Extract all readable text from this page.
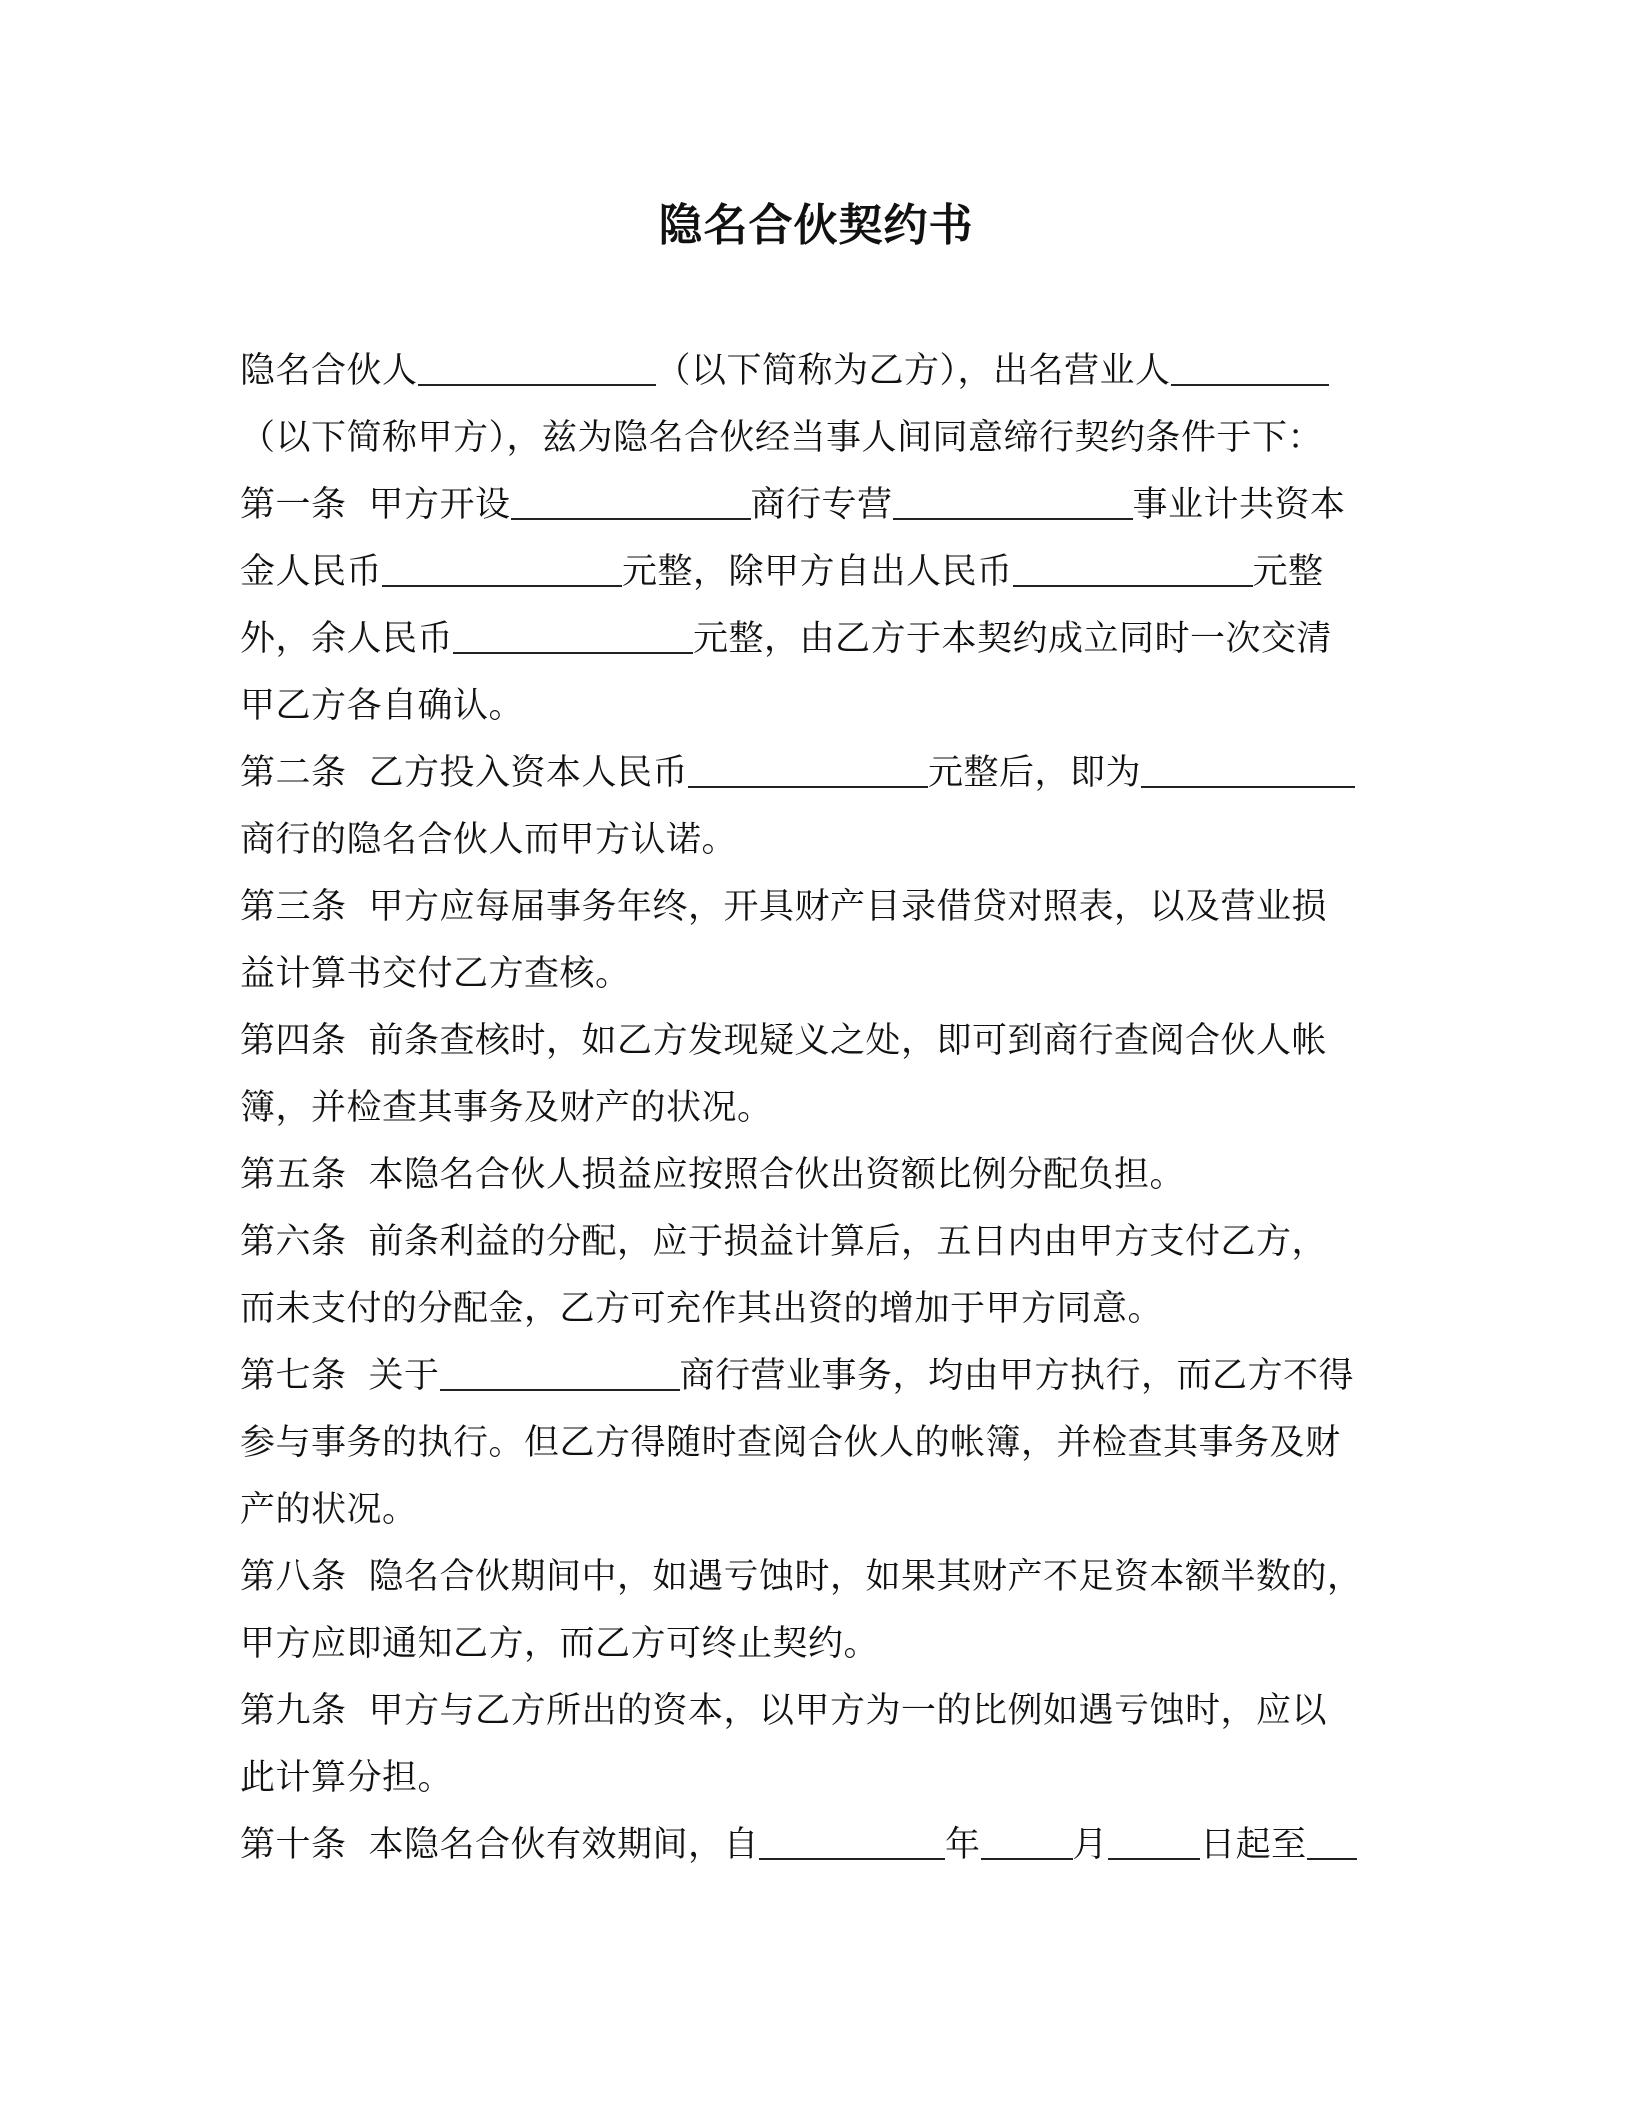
隐名合伙契约书
隐名合伙人	（以下简称为乙方），出名营业人
（以下简称甲方），兹为隐名合伙经当事人间同意缔行契约条件于下：
第一条 甲方开设	商行专营	事业计共资本
金人民币	元整，除甲方自出人民币	元整
外，余人民币	元整，由乙方于本契约成立同时一次交清
甲乙方各自确认。
第二条 乙方投入资本人民币	元整后，即为
商行的隐名合伙人而甲方认诺。
第三条 甲方应每届事务年终，开具财产目录借贷对照表，以及营业损
益计算书交付乙方查核。
第四条 前条查核时，如乙方发现疑义之处，即可到商行查阅合伙人帐
簿，并检查其事务及财产的状况。
第五条 本隐名合伙人损益应按照合伙出资额比例分配负担。
第六条 前条利益的分配，应于损益计算后，五日内由甲方支付乙方，
而未支付的分配金，乙方可充作其出资的增加于甲方同意。
第七条 关于	商行营业事务，均由甲方执行，而乙方不得
参与事务的执行。但乙方得随时查阅合伙人的帐簿，并检查其事务及财
产的状况。
第八条 隐名合伙期间中，如遇亏蚀时，如果其财产不足资本额半数的，
甲方应即通知乙方，而乙方可终止契约。
第九条 甲方与乙方所出的资本，以甲方为一的比例如遇亏蚀时，应以
此计算分担。
第十条 本隐名合伙有效期间，自	年	月	日起至
